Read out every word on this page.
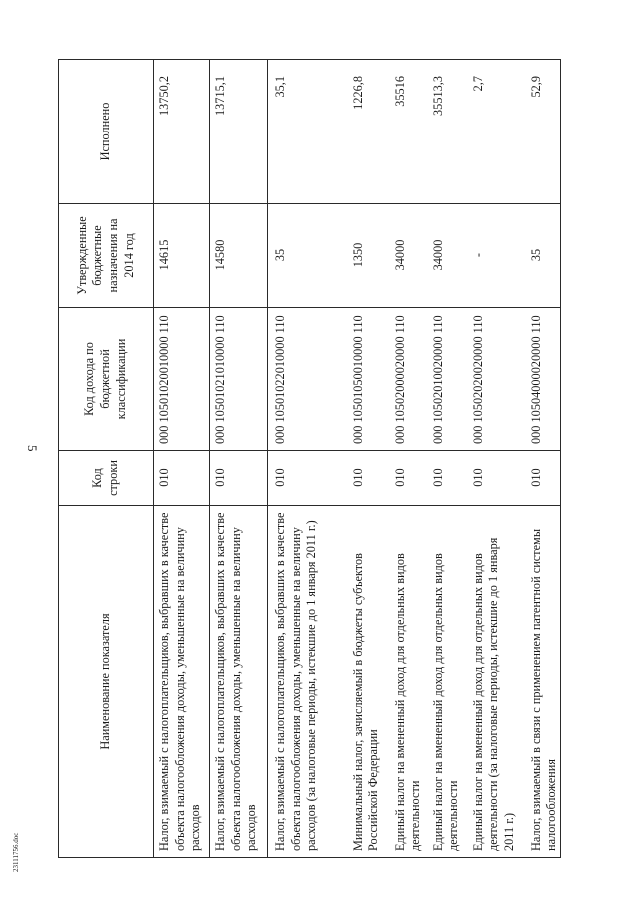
5
23111756.doc
Наименование показателя	Код строки	Код дохода по бюджетной классификации	Утвержденные бюджетные назначения на 2014 год	Исполнено
Налог, взимаемый с налогоплательщиков, выбравших в качестве объекта налогообложения доходы, уменьшенные на величину расходов	010	000 10501020010000 110	14615	13750,2
Налог, взимаемый с налогоплательщиков, выбравших в качестве объекта налогообложения доходы, уменьшенные на величину расходов	010	000 10501021010000 110	14580	13715,1
Налог, взимаемый с налогоплательщиков, выбравших в качестве объекта налогообложения доходы, уменьшенные на величину расходов (за налоговые периоды, истекшие до 1 января 2011 г.)	010	000 10501022010000 110	35	35,1
Минимальный налог, зачисляемый в бюджеты субъектов Российской Федерации	010	000 10501050010000 110	1350	1226,8
Единый налог на вмененный доход для отдельных видов деятельности	010	000 10502000020000 110	34000	35516
Единый налог на вмененный доход для отдельных видов деятельности	010	000 10502010020000 110	34000	35513,3
Единый налог на вмененный доход для отдельных видов деятельности (за налоговые периоды, истекшие до 1 января 2011 г.)	010	000 10502020020000 110	-	2,7
Налог, взимаемый в связи с применением патентной системы налогообложения	010	000 10504000020000 110	35	52,9
